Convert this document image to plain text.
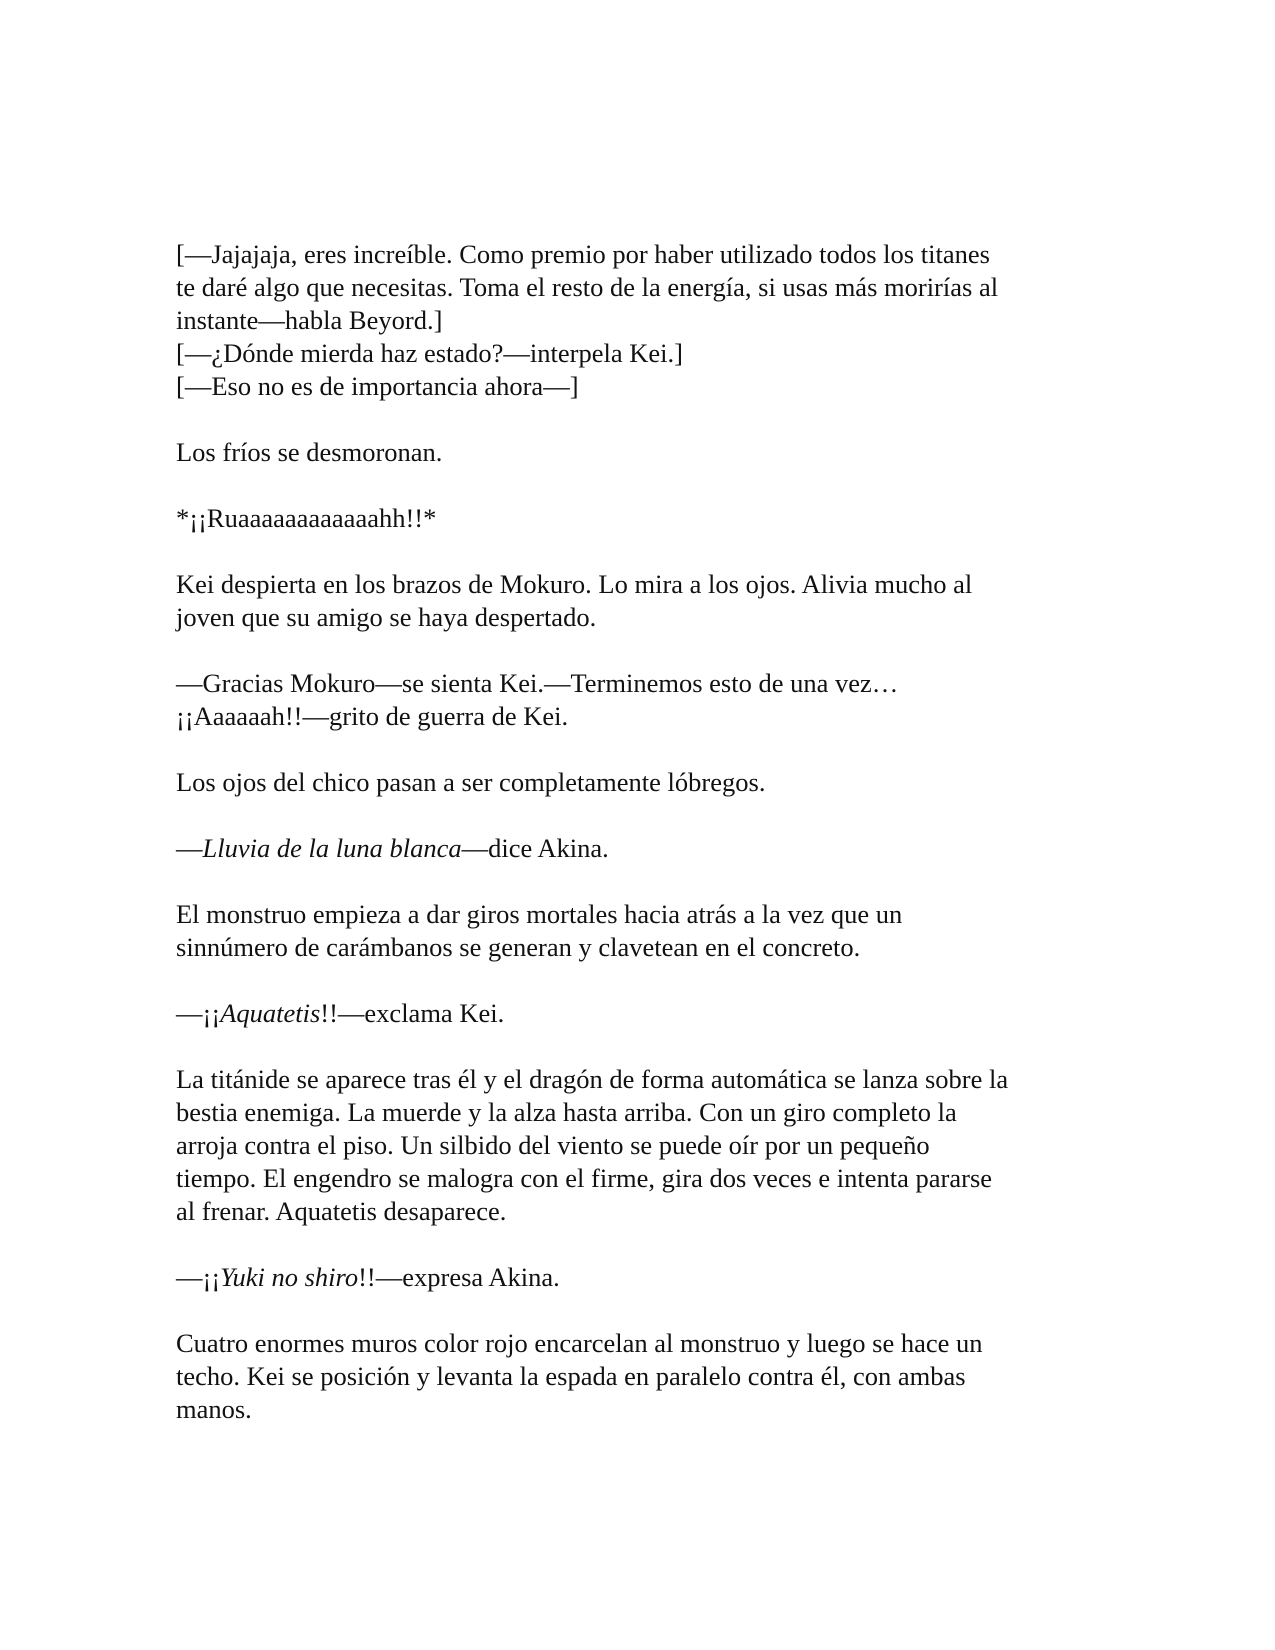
[—Jajajaja, eres increíble. Como premio por haber utilizado todos los titanes
te daré algo que necesitas. Toma el resto de la energía, si usas más morirías al
instante—habla Beyord.]
[—¿Dónde mierda haz estado?—interpela Kei.]
[—Eso no es de importancia ahora—]

Los fríos se desmoronan.

*¡¡Ruaaaaaaaaaaaahh!!*

Kei despierta en los brazos de Mokuro. Lo mira a los ojos. Alivia mucho al
joven que su amigo se haya despertado.

—Gracias Mokuro—se sienta Kei.—Terminemos esto de una vez…
¡¡Aaaaaah!!—grito de guerra de Kei.

Los ojos del chico pasan a ser completamente lóbregos.

—Lluvia de la luna blanca—dice Akina.

El monstruo empieza a dar giros mortales hacia atrás a la vez que un
sinnúmero de carámbanos se generan y clavetean en el concreto.

—¡¡Aquatetis!!—exclama Kei.

La titánide se aparece tras él y el dragón de forma automática se lanza sobre la
bestia enemiga. La muerde y la alza hasta arriba. Con un giro completo la
arroja contra el piso. Un silbido del viento se puede oír por un pequeño
tiempo. El engendro se malogra con el firme, gira dos veces e intenta pararse
al frenar. Aquatetis desaparece.

—¡¡Yuki no shiro!!—expresa Akina.

Cuatro enormes muros color rojo encarcelan al monstruo y luego se hace un
techo. Kei se posición y levanta la espada en paralelo contra él, con ambas
manos.
